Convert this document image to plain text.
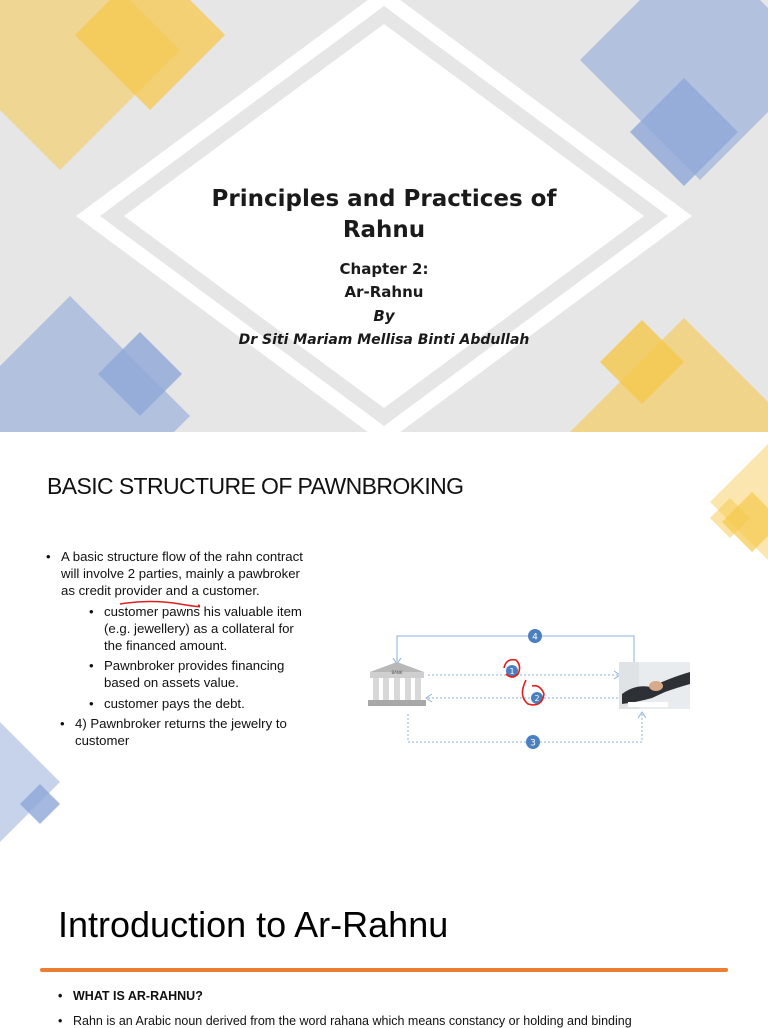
Principles and Practices of Rahnu
Chapter 2:
Ar-Rahnu
By
Dr Siti Mariam Mellisa Binti Abdullah
BASIC STRUCTURE OF PAWNBROKING
• A basic structure flow of the rahn contract will involve 2 parties, mainly a pawbroker as credit provider and a customer.
• customer pawns his valuable item (e.g. jewellery) as a collateral for the financed amount.
• Pawnbroker provides financing based on assets value.
• customer pays the debt.
• 4) Pawnbroker returns the jewelry to customer
BANK
4
1
2
3
Introduction to Ar-Rahnu
• WHAT IS AR-RAHNU?
• Rahn is an Arabic noun derived from the word rahana which means constancy or holding and binding
